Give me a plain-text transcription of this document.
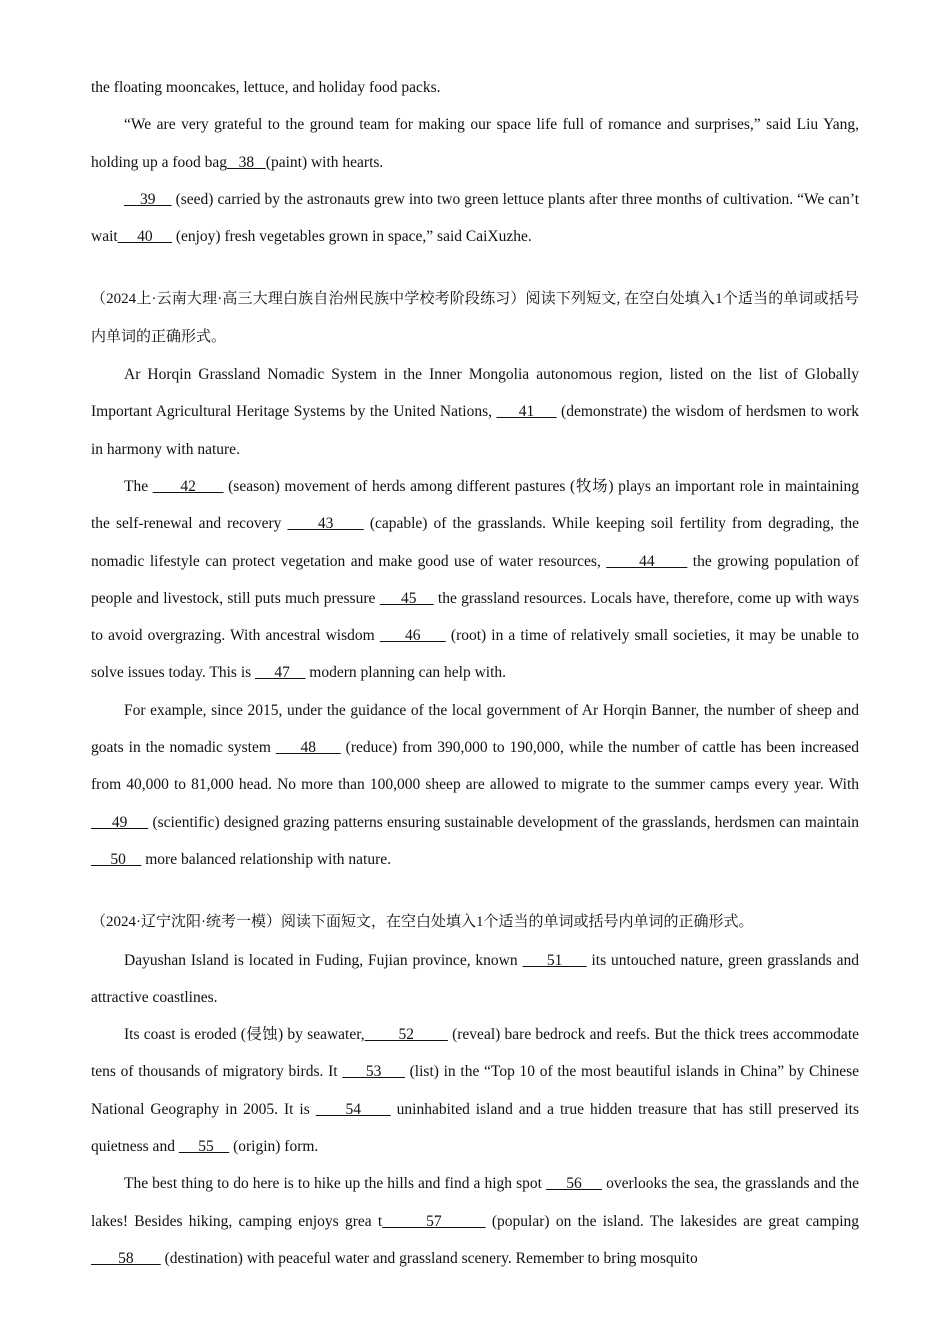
the floating mooncakes, lettuce, and holiday food packs.

“We are very grateful to the ground team for making our space life full of romance and surprises,” said Liu Yang, holding up a food bag   38   (paint) with hearts.

39     (seed) carried by the astronauts grew into two green lettuce plants after three months of cultivation. “We can’t wait     40      (enjoy) fresh vegetables grown in space,” said CaiXuzhe.

（2024上·云南大理·高三大理白族自治州民族中学校考阶段练习）阅读下列短文, 在空白处填入1个适当的单词或括号内单词的正确形式。

Ar Horqin Grassland Nomadic System in the Inner Mongolia autonomous region, listed on the list of Globally Important Agricultural Heritage Systems by the United Nations,      41      (demonstrate) the wisdom of herdsmen to work in harmony with nature.

The       42       (season) movement of herds among different pastures (牧场) plays an important role in maintaining the self-renewal and recovery      43      (capable) of the grasslands. While keeping soil fertility from degrading, the nomadic lifestyle can protect vegetation and make good use of water resources,       44       the growing population of people and livestock, still puts much pressure      45     the grassland resources. Locals have, therefore, come up with ways to avoid overgrazing. With ancestral wisdom      46      (root) in a time of relatively small societies, it may be unable to solve issues today. This is      47     modern planning can help with.

For example, since 2015, under the guidance of the local government of Ar Horqin Banner, the number of sheep and goats in the nomadic system      48      (reduce) from 390,000 to 190,000, while the number of cattle has been increased from 40,000 to 81,000 head. No more than 100,000 sheep are allowed to migrate to the summer camps every year. With      49      (scientific) designed grazing patterns ensuring sustainable development of the grasslands, herdsmen can maintain      50     more balanced relationship with nature.

（2024·辽宁沈阳·统考一模）阅读下面短文，在空白处填入1个适当的单词或括号内单词的正确形式。

Dayushan Island is located in Fuding, Fujian province, known      51      its untouched nature, green grasslands and attractive coastlines.

Its coast is eroded (侵蚀) by seawater,        52         (reveal) bare bedrock and reefs. But the thick trees accommodate tens of thousands of migratory birds. It      53      (list) in the “Top 10 of the most beautiful islands in China” by Chinese National Geography in 2005. It is      54      uninhabited island and a true hidden treasure that has still preserved its quietness and      55     (origin) form.

The best thing to do here is to hike up the hills and find a high spot      56      overlooks the sea, the grasslands and the lakes! Besides hiking, camping enjoys grea t       57        (popular) on the island. The lakesides are great camping        58        (destination) with peaceful water and grassland scenery. Remember to bring mosquito
